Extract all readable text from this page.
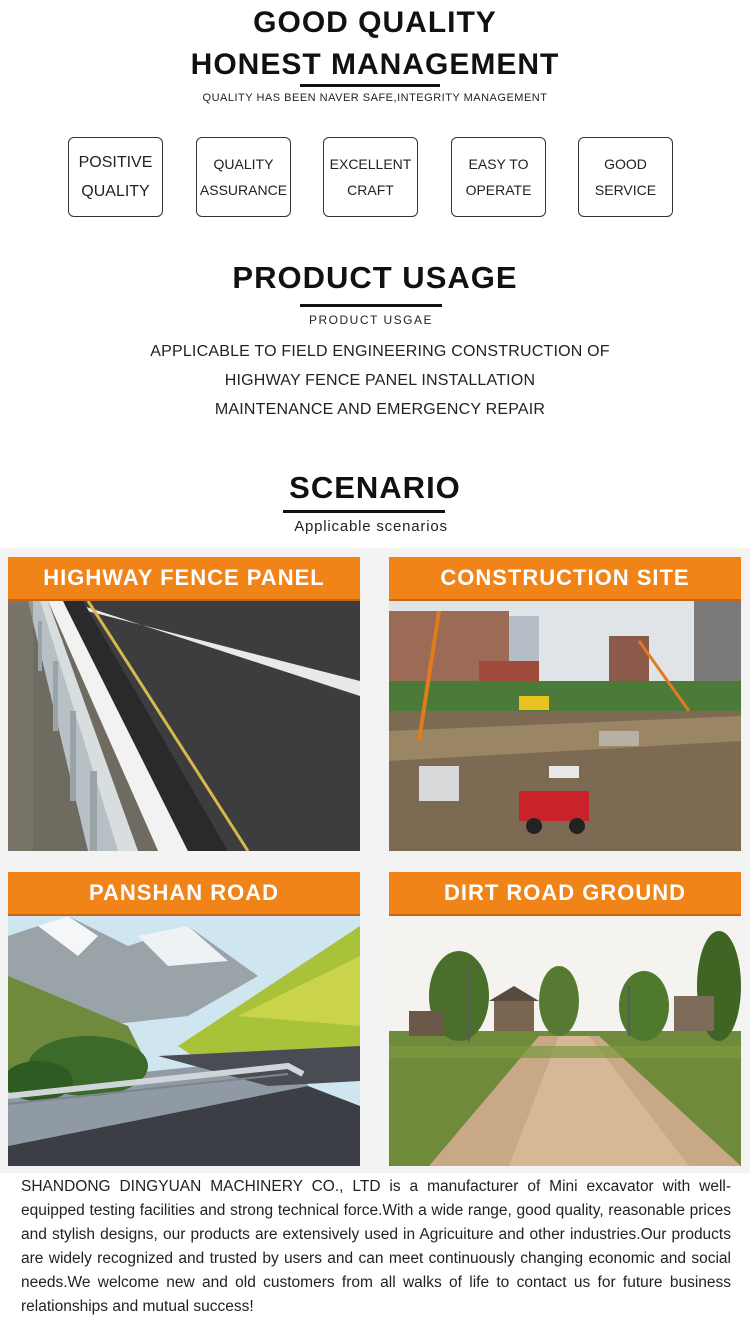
GOOD QUALITY
HONEST MANAGEMENT
QUALITY HAS BEEN NAVER SAFE,INTEGRITY MANAGEMENT
POSITIVE
QUALITY
QUALITY
ASSURANCE
EXCELLENT
CRAFT
EASY TO
OPERATE
GOOD
SERVICE
PRODUCT USAGE
PRODUCT USGAE
APPLICABLE TO FIELD ENGINEERING CONSTRUCTION OF
HIGHWAY FENCE PANEL INSTALLATION
MAINTENANCE AND EMERGENCY REPAIR
SCENARIO
Applicable scenarios
HIGHWAY FENCE PANEL	CONSTRUCTION SITE
PANSHAN ROAD	DIRT ROAD GROUND
SHANDONG DINGYUAN MACHINERY CO., LTD is a manufacturer of Mini excavator with well-equipped testing facilities and strong technical force.With a wide range, good quality, reasonable prices and stylish designs, our products are extensively used in Agricuiture and other industries.Our products are widely recognized and trusted by users and can meet continuously changing economic and social needs.We welcome new and old customers from all walks of life to contact us for future business relationships and mutual success!
